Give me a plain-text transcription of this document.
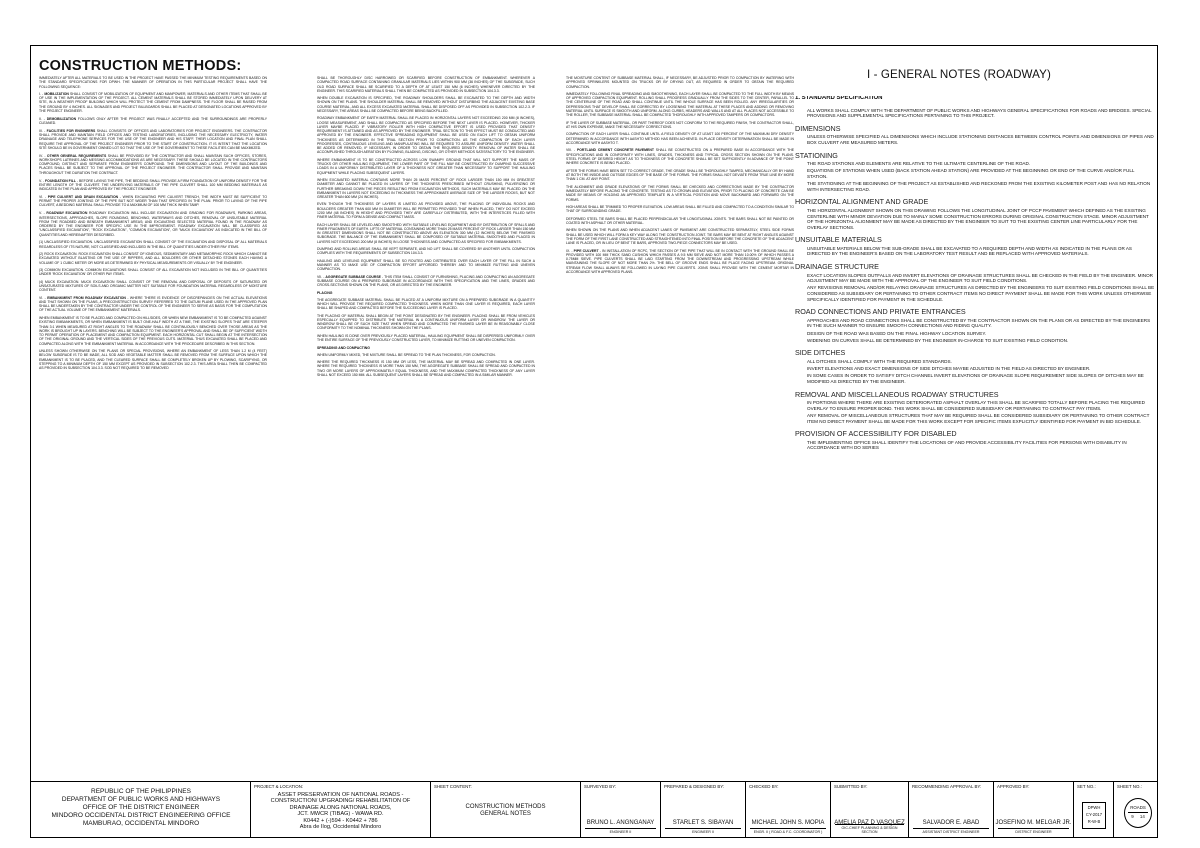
CONSTRUCTION METHODS:

IMMEDIATELY AFTER ALL MATERIALS TO BE USED IN THE PROJECT HAVE PASSED THE MINIMUM TESTING REQUIREMENTS BASED ON THE STANDARD SPECIFICATIONS FOR DPWH. THE MANNER OF OPERATION IN THIS PARTICULAR PROJECT SHALL HAVE THE FOLLOWING SEQUENCE:

I. - MOBILIZATION SHALL CONSIST OF MOBILIZATION OF EQUIPMENT AND MANPOWER, MATERIALS AND OTHER ITEMS THAT SHALL BE OF USE IN THE IMPLEMENTATION OF THE PROJECT. ALL CEMENT MATERIALS SHALL BE STORED IMMEDIATELY UPON DELIVERY AT SITE, IN A WEATHER PROOF BUILDING WHICH WILL PROTECT THE CEMENT FROM DAMPNESS. THE FLOOR SHALL BE RAISED FROM THE GROUND BY 4 INCHES. ALL SIGNAGES AND PROJECT BILLBOARDS SHALL BE PLACED AT DESIGNATED LOCATIONS APPROVED BY THE PROJECT ENGINEER.
II. - DEMOBILIZATION FOLLOWS ONLY AFTER THE PROJECT WAS FINALLY ACCEPTED AND THE SURROUNDINGS ARE PROPERLY CLEANED.
III. - FACILITIES FOR ENGINEERS SHALL CONSISTS OF OFFICES AND LABORATORIES FOR PROJECT ENGINEERS. THE CONTRACTOR SHALL PROVIDE AND MAINTAIN FIELD OFFICES AND TESTING LABORATORIES, INCLUDING THE NECESSARY ELECTRICITY, WATER DRAINAGE AND TELEPHONE SERVICES FOR THE USE OF THE ENGINEER AND HIS STAFF. THEIR LOCATION AND FINAL PLAN SHALL REQUIRE THE APPROVAL OF THE PROJECT ENGINEER PRIOR TO THE START OF CONSTRUCTION. IT IS INTENT THAT THE LOCATION SITE SHOULD BE IN GOVERNMENT OWNED LOT SO THAT THE USE OF THE GOVERNMENT TO THESE FACILITIES CAN BE MAXIMIZED.
IV. - OTHER GENERAL REQUIREMENTS SHALL BE PROVIDED BY THE CONTRACTOR AND SHALL MAINTAIN SUCH OFFICES, STORES, WORKSHOPS LATRINES AND MESSING ACCOMMODATIONS AS ARE NECESSARY. THESE SHOULD BE LOCATED IN THE CONTRACTORS COMPOUND, DISTINCT AND SEPARATE FROM ENGINEER'S COMPOUND. THE DIMENSIONS AND LAYOUT OF THE BUILDINGS AND PLACES SHALL BE SUBJECT TO THE APPROVAL OF THE PROJECT ENGINEER. THE CONTRACTOR SHALL PROVIDE AND MAINTAIN THROUGHOUT THE DURATION THE CONTRACT.
V. - FOUNDATION FILL - BEFORE LAYING THE PIPE, THE BEDDING SHALL PROVIDE A FIRM FOUNDATION OF UNIFORM DENSITY FOR THE ENTIRE LENGTH OF THE CULVERT. THE UNDERLYING MATERIALS OF THE PIPE CULVERT SHALL 100 MM BEDDING MATERIALS AS INDICATED IN THE PLAN AND APPROVED BY THE PROJECT ENGINEER.
VI. - PIPE CULVERT AND DRAIN EXCAVATION - WHEN EXCAVATING PIPE CULVERT TRENCH, THE WIDTH MUST BE SUFFICIENT TO PERMIT THE PROPER JOINTING OF THE PIPE BUT NOT WIDER THAN THAT SPECIFIED IN THE PLAN. PRIOR TO LAYING OF THE PIPE CULVERT, A BEDDING MATERIAL SHALL PROVIDE TO A MAXIMUM OF 100 MM THICK WHEN TAMP.
V. - ROADWAY EXCAVATION ROADWAY EXCAVATION WILL INCLUDE EXCAVATION AND GRADING FOR ROADWAYS, PARKING AREAS, INTERSECTIONS, APPROACHES, SLOPE ROUNDING, BENCHING, WATERWAYS AND DITCHES, REMOVAL OF UNSUITABLE MATERIAL FROM THE ROADBED AND BENEATH EMBANKMENT AREAS; AND EXCAVATING SELECTED MATERIAL FOUND IN THE ROADWAY AS ORDERED BY THE ENGINEER FOR SPECIFIC USE IN THE IMPROVEMENT. ROADWAY EXCAVATION WILL BE CLASSIFIED AS "UNCLASSIFIED EXCAVATION", "ROCK EXCAVATION", "COMMON EXCAVATION", OR "MUCK EXCAVATION" AS INDICATED IN THE BILL OF QUANTITIES AND HEREINAFTER DESCRIBED.

(1) UNCLASSIFIED EXCAVATION. UNCLASSIFIED EXCAVATION SHALL CONSIST OF THE EXCAVATION AND DISPOSAL OF ALL MATERIALS REGARDLESS OF ITS NATURE, NOT CLASSIFIED AND INCLUDED IN THE BILL OF QUANTITIES UNDER OTHER PAY ITEMS.

(2) ROCK EXCAVATION. ROCK EXCAVATION SHALL CONSIST OF IGNEOUS, SEDIMENTARY AND METAMORPHIC ROCK WHICH CANNOT BE EXCAVATED WITHOUT BLASTING OR THE USE OF RIPPERS, AND ALL BOULDERS OR OTHER DETACHED STONES EACH HAVING A VOLUME OF 1 CUBIC METER OR MORE AS DETERMINED BY PHYSICAL MEASUREMENTS OR VISUALLY BY THE ENGINEER.

(3) COMMON EXCAVATION. COMMON EXCAVATIONS SHALL CONSIST OF ALL EXCAVATION NOT INCLUDED IN THE BILL OF QUANTITIES UNDER 'ROCK EXCAVATION' OR OTHER PAY ITEMS.

(4) MUCK EXCAVATION. MUCK EXCAVATION SHALL CONSIST OF THE REMOVAL AND DISPOSAL OF DEPOSITS OF SATURATED OR UNSATURATED MIXTURES OF SOILS AND ORGANIC MATTER NOT SUITABLE FOR FOUNDATION MATERIAL REGARDLESS OF MOISTURE CONTENT.

VI. - EMBANKMENT FROM ROADWAY EXCAVATION - WHERE THERE IS EVIDENCE OF DISCREPANCIES ON THE ACTUAL ELEVATIONS AND THAT SHOWN ON THE PLANS, A PRECONSTRUCTION SURVEY REFERRED TO THE DATUM PLANE USED IN THE APPROVED PLAN SHALL BE UNDERTAKEN BY THE CONTRACTOR UNDER THE CONTROL OF THE ENGINEER TO SERVE AS BASIS FOR THE COMPUTATION OF THE ACTUAL VOLUME OF THE EMBANKMENT MATERIALS.

WHEN EMBANKMENT IS TO BE PLACED AND COMPACTED ON HILLSIDES, OR WHEN NEW EMBANKMENT IS TO BE COMPACTED AGAINST EXISTING EMBANKMENTS, OR WHEN EMBANKMENT IS BUILT ONE-HALF WIDTH AT A TIME, THE EXISTING SLOPES THAT ARE STEEPER THAN 3:1 WHEN MEASURED AT RIGHT ANGLES TO THE ROADWAY SHALL BE CONTINUOUSLY BENCHED OVER THOSE AREAS AS THE WORK IS BROUGHT UP IN LAYERS. BENCHING WILL BE SUBJECT TO THE ENGINEER'S APPROVAL AND SHALL BE OF SUFFICIENT WIDTH TO PERMIT OPERATION OF PLACEMENT AND COMPACTION EQUIPMENT. EACH HORIZONTAL CUT SHALL BEGIN AT THE INTERSECTION OF THE ORIGINAL GROUND AND THE VERTICAL SIDES OF THE PREVIOUS CUTS. MATERIAL THUS EXCAVATED SHALL BE PLACED AND COMPACTED ALONG WITH THE EMBANKMENT MATERIAL IN ACCORDANCE WITH THE PROCEDURE DESCRIBED IN THIS SECTION.

UNLESS SHOWN OTHERWISE ON THE PLANS OR SPECIAL PROVISIONS, WHERE AN EMBANKMENT OF LESS THAN 1.2 M (4 FEET) BELOW SUBGRADE IS TO BE MADE, ALL SOD AND VEGETABLE MATTER SHALL BE REMOVED FROM THE SURFACE UPON WHICH THE EMBANKMENT IS TO BE PLACED, AND THE CLEARED SURFACE SHALL BE COMPLETELY BROKEN UP BY PLOWING, SCARIFYING, OR STEPPING TO A MINIMUM DEPTH OF 150 MM EXCEPT AS PROVIDED IN SUBSECTION 102.2.3. THIS AREA SHALL THEN BE COMPACTED AS PROVIDED IN SUBSECTION 104.3.3. SOD NOT REQUIRED TO BE REMOVED

SHALL BE THOROUGHLY DISC HARROWED OR SCARIFIED BEFORE CONSTRUCTION OF EMBANKMENT. WHEREVER A COMPACTED ROAD SURFACE CONTAINING GRANULAR MATERIALS LIES WITHIN 900 MM (36 INCHES) OF THE SUBGRADE, SUCH OLD ROAD SURFACE SHALL BE SCARIFIED TO A DEPTH OF AT LEAST 150 MM (6 INCHES) WHENEVER DIRECTED BY THE ENGINEER. THIS SCARIFIED MATERIALS SHALL THEN BE COMPACTED AS PROVIDED IN SUBSECTION 104.3.3.

WHEN DOUBLE EXCAVATION IS SPECIFIED, THE ROADWAY SHOULDERS SHALL BE EXCAVATED TO THE DEPTH AND WIDTH SHOWN ON THE PLANS. THE SHOULDER MATERIAL SHALL BE REMOVED WITHOUT DISTURBING THE ADJACENT EXISTING BASE COURSE MATERIAL, AND ALL EXCESS EXCAVATED MATERIAL SHALL BE DISPOSED OFF AS PROVIDED IN SUBSECTION 102.2.3. IF NECESSARY, THE AREAS SHALL BE COMPACTED BEFORE BEING BACKFILLED.

ROADWAY EMBANKMENT OF EARTH MATERIAL SHALL BE PLACED IN HORIZONTAL LAYERS NOT EXCEEDING 200 MM (8 INCHES), LOOSE MEASUREMENT, AND SHALL BE COMPACTED AS SPECIFIED BEFORE THE NEXT LAYER IS PLACED. HOWEVER, THICKER LAYER MAYBE PLACED IF VIBRATORY ROLLER WITH HIGH COMPACTIVE EFFORT IS USED PROVIDED THAT DENSITY REQUIREMENT IS ATTAINED AND AS APPROVED BY THE ENGINEER. TRIAL SECTION TO THIS EFFECT MUST BE CONDUCTED AND APPROVED BY THE ENGINEER. EFFECTIVE SPREADING EQUIPMENT SHALL BE USED ON EACH LIFT TO OBTAIN UNIFORM THICKNESS AS DETERMINED IN THE TRIAL SECTION PRIOR TO COMPACTION. AS THE COMPACTION OF EACH LAYER PROGRESSES, CONTINUOUS LEVELING AND MANIPULATING WILL BE REQUIRED TO ASSURE UNIFORM DENSITY. WATER SHALL BE ADDED OR REMOVED, IF NECESSARY, IN ORDER TO OBTAIN THE REQUIRED DENSITY. REMOVAL OF WATER SHALL BE ACCOMPLISHED THROUGH AERATION BY PLOWING, BLADING, DISCING, OR OTHER METHODS SATISFACTORY TO THE ENGINEER.

WHERE EMBANKMENT IS TO BE CONSTRUCTED ACROSS LOW SWAMPY GROUND THAT WILL NOT SUPPORT THE MASS OF TRUCKS OR OTHER HAULING EQUIPMENT, THE LOWER PART OF THE FILL MAY BE CONSTRUCTED BY DUMPING SUCCESSIVE LOADS IN A UNIFORMLY DISTRIBUTED LAYER OF A THICKNESS NOT GREATER THAN NECESSARY TO SUPPORT THE HAULING EQUIPMENT WHILE PLACING SUBSEQUENT LAYERS.

WHEN EXCAVATED MATERIAL CONTAINS MORE THAN 25 MASS PERCENT OF ROCK LARGER THAN 150 MM IN GREATEST DIAMETER AND CANNOT BE PLACED IN LAYERS OF THE THICKNESS PRESCRIBED WITHOUT CRUSHING, PULVERIZING OR FURTHER BREAKING DOWN THE PIECES RESULTING FROM EXCAVATION METHODS, SUCH MATERIALS MAY BE PLACED ON THE EMBANKMENT IN LAYERS NOT EXCEEDING IN THICKNESS THE APPROXIMATE AVERAGE SIZE OF THE LARGER ROCKS, BUT NOT GREATER THAN 600 MM (24 INCHES).

EVEN THOUGH THE THICKNESS OF LAYERS IS LIMITED AS PROVIDED ABOVE, THE PLACING OF INDIVIDUAL ROCKS AND BOULDERS GREATER THAN 600 MM IN DIAMETER WILL BE PERMITTED PROVIDED THAT WHEN PLACED, THEY DO NOT EXCEED 1200 MM (48 INCHES) IN HEIGHT AND PROVIDED THEY ARE CAREFULLY DISTRIBUTED, WITH THE INTERSTICES FILLED WITH FINER MATERIAL TO FORM A DENSE AND COMPACT MASS.

EACH LAYER SHALL BE LEVELED AND SMOOTHED WITH SUITABLE LEVELING EQUIPMENT AND BY DISTRIBUTION OF SPALLS AND FINER FRAGMENTS OF EARTH. LIFTS OF MATERIAL CONTAINING MORE THAN 25 MASS PERCENT OF ROCK LARGER THAN 150 MM IN GREATEST DIMENSIONS SHALL NOT BE CONSTRUCTED ABOVE AN ELEVATION 300 MM (12 INCHES) BELOW THE FINISHED SUBGRADE. THE BALANCE OF THE EMBANKMENT SHALL BE COMPOSED OF SUITABLE MATERIAL SMOOTHED AND PLACED IN LAYERS NOT EXCEEDING 200 MM (8 INCHES) IN LOOSE THICKNESS AND COMPACTED AS SPECIFIED FOR EMBANKMENTS.

DUMPING AND ROLLING AREAS SHALL BE KEPT SEPARATE, AND NO LIFT SHALL BE COVERED BY ANOTHER UNTIL COMPACTION COMPLIES WITH THE REQUIREMENTS OF SUBSECTION 104.3.3.

HAULING AND LEVELING EQUIPMENT SHALL BE SO ROUTED AND DISTRIBUTED OVER EACH LAYER OF THE FILL IN SUCH A MANNER AS TO MAKE USE OF COMPACTION EFFORT AFFORDED THEREBY AND TO MINIMIZE RUTTING AND UNEVEN COMPACTION.

VII. - AGGREGATE SUBBASE COURSE - THIS ITEM SHALL CONSIST OF FURNISHING, PLACING AND COMPACTING AN AGGREGATE SUBBASE COURSE ON A PREPARED SUBGRADE IN ACCORDANCE WITH THIS SPECIFICATION AND THE LINES, GRADES AND CROSS-SECTIONS SHOWN ON THE PLANS, OR AS DIRECTED BY THE ENGINEER.
PLACING

THE AGGREGATE SUBBASE MATERIAL SHALL BE PLACED AT A UNIFORM MIXTURE ON A PREPARED SUBGRADE IN A QUANTITY WHICH WILL PROVIDE THE REQUIRED COMPACTED THICKNESS. WHEN MORE THAN ONE LAYER IS REQUIRED, EACH LAYER SHALL BE SHAPED AND COMPACTED BEFORE THE SUCCEEDING LAYER IS PLACED.

THE PLACING OF MATERIAL SHALL BEGIN AT THE POINT DESIGNATED BY THE ENGINEER. PLACING SHALL BE FROM VEHICLES ESPECIALLY EQUIPPED TO DISTRIBUTE THE MATERIAL IN A CONTINUOUS UNIFORM LAYER OR WINDROW. THE LAYER OR WINDROW SHALL BE OF SUCH SIZE THAT WHEN SPREAD AND COMPACTED THE FINISHED LAYER BE IN REASONABLY CLOSE CONFORMITY TO THE NOMINAL THICKNESS SHOWN ON THE PLANS.

WHEN HAULING IS DONE OVER PREVIOUSLY PLACED MATERIAL, HAULING EQUIPMENT SHALL BE DISPERSED UNIFORMLY OVER THE ENTIRE SURFACE OF THE PREVIOUSLY CONSTRUCTED LAYER, TO MINIMIZE RUTTING OR UNEVEN COMPACTION.

SPREADING AND COMPACTING

WHEN UNIFORMLY MIXED, THE MIXTURE SHALL BE SPREAD TO THE PLAN THICKNESS, FOR COMPACTION.

WHERE THE REQUIRED THICKNESS IS 150 MM OR LESS, THE MATERIAL MAY BE SPREAD AND COMPACTED IN ONE LAYER. WHERE THE REQUIRED THICKNESS IS MORE THAN 150 MM, THE AGGREGATE SUBBASE SHALL BE SPREAD AND COMPACTED IN TWO OR MORE LAYERS OF APPROXIMATELY EQUAL THICKNESS, AND THE MAXIMUM COMPACTED THICKNESS OF ANY LAYER SHALL NOT EXCEED 150 MM. ALL SUBSEQUENT LAYERS SHALL BE SPREAD AND COMPACTED IN A SIMILAR MANNER.

THE MOISTURE CONTENT OF SUBBASE MATERIAL SHALL, IF NECESSARY, BE ADJUSTED PRIOR TO COMPACTION BY WATERING WITH APPROVED SPRINKLERS MOUNTED ON TRUCKS OR BY DRYING OUT, AS REQUIRED IN ORDER TO OBTAIN THE REQUIRED COMPACTION.

IMMEDIATELY FOLLOWING FINAL SPREADING AND SMOOTHENING, EACH LAYER SHALL BE COMPACTED TO THE FULL WIDTH BY MEANS OF APPROVED COMPACTION EQUIPMENT. ROLLING SHALL PROGRESS GRADUALLY FROM THE SIDES TO THE CENTER, PARALLEL TO THE CENTERLINE OF THE ROAD AND SHALL CONTINUE UNTIL THE WHOLE SURFACE HAS BEEN ROLLED. ANY IRREGULARITIES OR DEPRESSIONS THAT DEVELOP SHALL BE CORRECTED BY LOOSENING THE MATERIAL AT THESE PLACES AND ADDING OR REMOVING MATERIAL UNTIL SURFACE IS SMOOTH AND UNIFORM. ALONG CURBS, HEADERS AND WALLS AND AT ALL PLACES NOT ACCESSIBLE TO THE ROLLER, THE SUBBASE MATERIAL SHALL BE COMPACTED THOROUGHLY WITH APPROVED TAMPERS OR COMPACTORS.

IF THE LAYER OF SUBBASE MATERIAL, OR PART THEREOF DOES NOT CONFORM TO THE REQUIRED FINISH, THE CONTRACTOR SHALL, AT HIS OWN EXPENSE, MAKE THE NECESSARY CORRECTIONS.

COMPACTION OF EACH LAYER SHALL CONTINUE UNTIL A FIELD DENSITY OF AT LEAST 100 PERCENT OF THE MAXIMUM DRY DENSITY DETERMINED IN ACCORDANCE WITH AASHTO METHOD HAS BEEN ACHIEVED. IN-PLACE DENSITY DETERMINATION SHALL BE MADE IN ACCORDANCE WITH AASHTO T.

VIII. - PORTLAND CEMENT CONCRETE PAVEMENT SHALL BE CONSTRUCTED ON A PREPARED BASE IN ACCORDANCE WITH THE SPECIFICATIONS AND IN CONFORMITY WITH LINES, GRADES, THICKNESS AND TYPICAL CROSS SECTION SHOWN ON THE PLANS. STEEL FORMS OF DESIRED HEIGHT AS TO THICKNESS OF THE CONCRETE SHALL BE SET SUFFICIENTLY IN ADVANCE OF THE POINT WHERE CONCRETE IS BEING PLACED.

AFTER THE FORMS HAVE BEEN SET TO CORRECT GRADE, THE GRADE SHALL BE THOROUGHLY TAMPED, MECHANICALLY OR BY HAND AT BOTH THE INSIDE AND OUTSIDE EDGES OF THE BASE OF THE FORMS. THE FORMS SHALL NOT DEVIATE FROM TRUE LINE BY MORE THAN 1 CM. AT ANY POINT.

THE ALIGNMENT AND GRADE ELEVATIONS OF THE FORMS SHALL BE CHECKED AND CORRECTIONS MADE BY THE CONTRACTOR IMMEDIATELY BEFORE PLACING THE CONCRETE. TESTING AS TO CROWN AND ELEVATION, PRIOR TO PLACING OF CONCRETE CAN BE MADE BY MEANS OF HOLDING AN APPROVED TEMPLATE IN A VERTICAL POSITION AND MOVE BACKWARD AND FORWARD ON THE FORMS.

HIGH AREAS SHALL BE TRIMMED TO PROPER ELEVATION. LOW AREAS SHALL BE FILLED AND COMPACTED TO A CONDITION SIMILAR TO THAT OF SURROUNDING GRADE.

DEFORMED STEEL TIE BARS SHALL BE PLACED PERPENDICULAR THE LONGITUDINAL JOINTS. THE BARS SHALL NOT BE PAINTED OR COATED WITH ASPHALT OR OTHER MATERIAL.

WHEN SHOWN ON THE PLANS AND WHEN ADJACENT LANES OF PAVEMENT ARE CONSTRUCTED SEPARATELY, STEEL SIDE FORMS SHALL BE USED WHICH WILL FORM A KEY WAY ALONG THE CONSTRUCTION JOINT. TIE BARS MAY BE BENT AT RIGHT ANGLES AGAINST THE FORM OF THE FIRST LANE CONSTRUCTED AND STRAIGHTENED INTO FINAL POSITION BEFORE THE CONCRETE OF THE ADJACENT LANE IS PLACED, OR IN LIEU OF BENT TIE BARS, APPROVED TWO-PIECE CONNECTORS MAY BE USED.

IX. - PIPE CULVERT - IN INSTALLATION OF RCPC, THE SECTION OF THE PIPE THAT WILL BE IN CONTACT WITH THE GROUND SHALL BE PROVIDED WITH 100 MM THICK SAND CUSHION WHICH PASSES A 9.5 MM SIEVE AND NOT MORE THAN 10.00% OF WHICH PASSES A 0.75MM SIEVE. PIPE CULVERTS SHALL BE LAID STARTING FROM THE DOWNSTREAM AND PROGRESSING UPSTREAM WHILE MAINTAINING THE SLOPE OF NOT MORE THAN 2%. THE BELL OF GROOVE ENDS SHALL BE PLACE FACING UPSTREAM. ORIGINAL STREAM FLOW SHALL ALWAYS BE FOLLOWED IN LAYING PIPE CULVERTS. JOINS SHALL PROVIDE WITH THE CEMENT MORTAR IN ACCORDANCE WITH APPROVED PLANS.
I - GENERAL NOTES (ROADWAY)
1. STANDARD SPECIFICATION
ALL WORKS SHALL COMPLY WITH THE DEPARTMENT OF PUBLIC WORKS AND HIGHWAYS GENERAL SPECIFICATIONS FOR ROADS AND BRIDGES. SPECIAL PROVISIONS AND SUPPLEMENTAL SPECIFICATIONS PERTAINING TO THIS PROJECT.
DIMENSIONS
UNLESS OTHERWISE SPECIFIED ALL DIMENSIONS WHICH INCLUDE STATIONING DISTANCES BETWEEN CONTROL POINTS AND DIMENSIONS OF PIPES AND BOX CULVERT ARE MEASURED METERS.
STATIONING
THE ROAD STATIONS AND ELEMENTS ARE RELATIVE TO THE ULTIMATE CENTERLINE OF THE ROAD.
EQUATIONS OF STATIONS WHEN USED (BACK STATION AHEAD STATION) ARE PROVIDED AT THE BEGINNING OR END OF THE CURVE AND/OR FULL STATION.
THE STATIONING AT THE BEGINNING OF THE PROJECT AS ESTABLISHED AND RECKONED FROM THE EXISTING KILOMETER POST AND HAS NO RELATION WITH INTERSECTING ROAD.
HORIZONTAL ALIGNMENT AND GRADE
THE HORIZONTAL ALIGNMENT SHOWN ON THIS DRAWING FOLLOWS THE LONGITUDINAL JOINT OF PCCP PAVEMENT WHICH DEFINED AS THE EXISTING CENTERLINE WITH MINOR DEVIATION DUE TO MAINLY SOME CONSTRUCTION ERRORS DURING ORIGINAL CONSTRUCTION STAGE. MINOR ADJUSTMENT OF THE HORIZONTAL ALIGNMENT MAY BE MADE AS DIRECTED BY THE ENGINEER TO SUIT TO THE EXISTING CENTER LINE PARTICULARLY FOR THE OVERLAY SECTIONS.
UNSUITABLE MATERIALS
UNSUITABLE MATERIALS BELOW THE SUB-GRADE SHALL BE EXCAVATED TO A REQUIRED DEPTH AND WIDTH AS INDICATED IN THE PLANS OR AS DIRECTED BY THE ENGINEER'S BASED ON THE LABORATORY TEST RESULT AND BE REPLACED WITH APPROVED MATERIALS.
DRAINAGE STRUCTURE
EXACT LOCATION SLOPES OUTFALLS AND INVERT ELEVATIONS OF DRAINAGE STRUCTURES SHALL BE CHECKED IN THE FIELD BY THE ENGINEER. MINOR ADJUSTMENT MAY BE MADE WITH THE APPROVAL OF THE ENGINEER TO SUIT FIELD CONDITIONS.
ANY REVISIONS REMOVAL AND/OR RELAYING DRAINAGE STRUCTURES AS DIRECTED BY THE ENGINEERS TO SUIT EXISTING FIELD CONDITIONS SHALL BE CONSIDERED AS SUBSIDIARY OR PERTAINING TO OTHER CONTRACT ITEMS NO DIRECT PAYMENT SHALL BE MADE FOR THIS WORK UNLESS OTHERWISE SPECIFICALLY IDENTIFIED FOR PAYMENT IN THE SCHEDULE.
ROAD CONNECTIONS AND PRIVATE ENTRANCES
APPROACHES AND ROAD CONNECTIONS SHALL BE CONSTRUCTED BY THE CONTRACTOR SHOWN ON THE PLANS OR AS DIRECTED BY THE ENGINEERS IN THE SUCH MANNER TO ENSURE SMOOTH CONNECTIONS AND RIDING QUALITY.
DESIGN OF THE ROAD WAS BASED ON THE FINAL HIGHWAY LOCATION SURVEY.
WIDENING ON CURVES SHALL BE DETERMINED BY THE ENGINEER IN-CHARGE TO SUIT EXISTING FIELD CONDITION.
SIDE DITCHES
ALL DITCHES SHALL COMPLY WITH THE REQUIRED STANDARDS.
INVERT ELEVATIONS AND EXACT DIMENSIONS OF SIDE DITCHES MAYBE ADJUSTED IN THE FIELD AS DIRECTED BY ENGINEER.
IN SOME CASES IN ORDER TO SATISFY DITCH CHANNEL INVERT ELEVATIONS OF DRAINAGE SLOPE REQUIREMENT SIDE SLOPES OF DITCHES MAY BE MODIFIED AS DIRECTED BY THE ENGINEER.
REMOVAL AND MISCELLANEOUS ROADWAY STRUCTURES
IN PORTIONS WHERE THERE ARE EXISTING DETERIORATED ASPHALT OVERLAY THIS SHALL BE SCARIFIED TOTALLY BEFORE PLACING THE REQUIRED OVERLAY TO ENSURE PROPER BOND. THIS WORK SHALL BE CONSIDERED SUBSIDIARY OR PERTAINING TO CONTRACT PAY ITEMS.
ANY REMOVAL OF MISCELLANEOUS STRUCTURES THAT MAY BE REQUIRED SHALL BE CONSIDERED SUBSIDIARY OR PERTAINING TO OTHER CONTRACT ITEM NO DIRECT PAYMENT SHALL BE MADE FOR THIS WORK EXCEPT FOR SPECIFIC ITEMS EXPLICITLY IDENTIFIED FOR PAYMENT IN BID SCHEDULE.
PROVISION OF ACCESSIBILITY FOR DISABLED
THE IMPLEMENTING OFFICE SHALL IDENTIFY THE LOCATIONS OF AND PROVIDE ACCESSIBILITY FACILITIES FOR PERSONS WITH DISABILITY IN ACCORDANCE WITH DO SERIES
REPUBLIC OF THE PHILIPPINES
DEPARTMENT OF PUBLIC WORKS AND HIGHWAYS
OFFICE OF THE DISTRICT ENGINEER
MINDORO OCCIDENTAL DISTRICT ENGINEERING OFFICE
MAMBURAO, OCCIDENTAL MINDORO
PROJECT & LOCATION:
ASSET PRESERVATION OF NATIONAL ROADS -
CONSTRUCTION/ UPGRADING/ REHABILITATION OF
DRAINAGE ALONG NATIONAL ROADS,
JCT. MWCR (TIBAG) - WAWA RD.
K0442 + (-)594 - K0442 + 786
Abra de Ilog, Occidental Mindoro
SHEET CONTENT:
CONSTRUCTION METHODS
GENERAL NOTES
SURVEYED BY:
BRUNO L. ANGNGANAY
ENGINEER II
PREPARED & DESIGNED BY:
STARLET S. SIBAYAN
ENGINEER II
CHECKED BY:
MICHAEL JOHN S. MOPIA
ENGR. II ( ROAD & F.C. COORDINATOR )
SUBMITTED BY:
AMELIA PAZ D VASQUEZ
OIC-CHIEF PLANNING & DESIGN SECTION
RECOMMENDING APPROVAL BY:
SALVADOR E. ABAD
ASSISTANT DISTRICT ENGINEER
APPROVED BY:
JOSEFINO M. MELGAR JR.
DISTRICT ENGINEER
SET NO.:
DPWH
CY-2017
R-W-B
SHEET NO.:
ROADS
9 14
